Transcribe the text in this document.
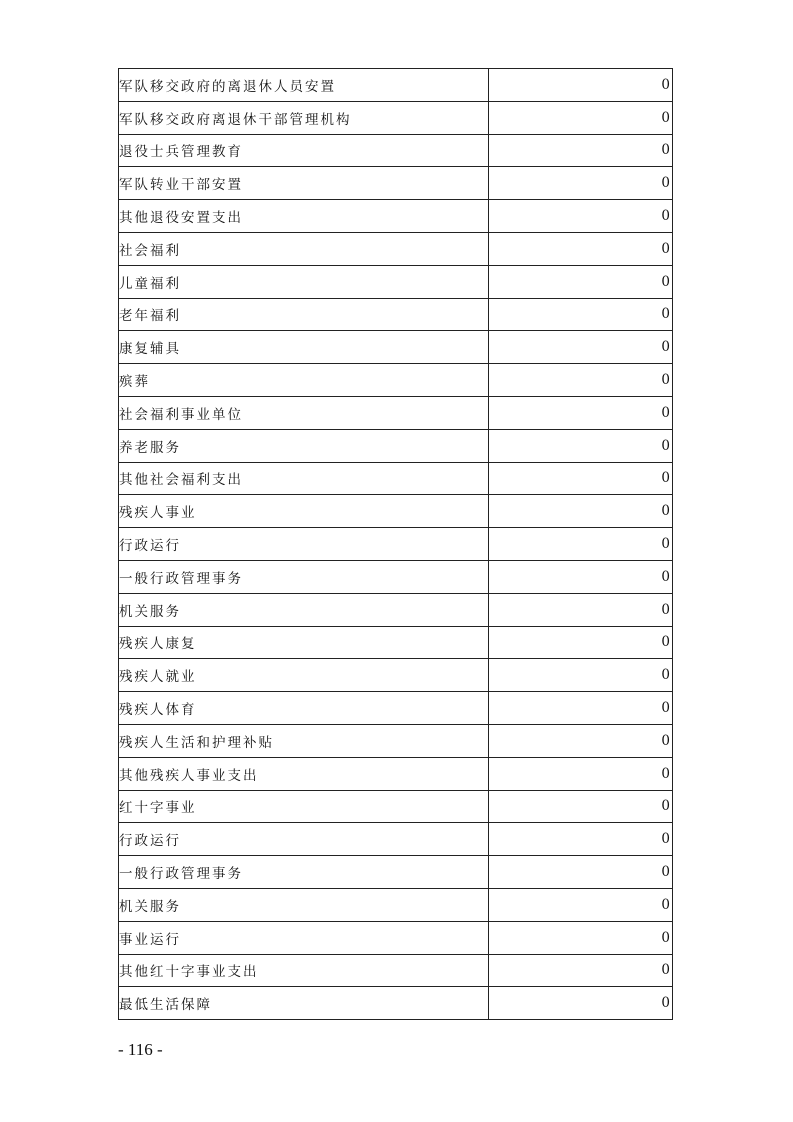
军队移交政府的离退休人员安置	0
军队移交政府离退休干部管理机构	0
退役士兵管理教育	0
军队转业干部安置	0
其他退役安置支出	0
社会福利	0
儿童福利	0
老年福利	0
康复辅具	0
殡葬	0
社会福利事业单位	0
养老服务	0
其他社会福利支出	0
残疾人事业	0
行政运行	0
一般行政管理事务	0
机关服务	0
残疾人康复	0
残疾人就业	0
残疾人体育	0
残疾人生活和护理补贴	0
其他残疾人事业支出	0
红十字事业	0
行政运行	0
一般行政管理事务	0
机关服务	0
事业运行	0
其他红十字事业支出	0
最低生活保障	0
- 116 -
